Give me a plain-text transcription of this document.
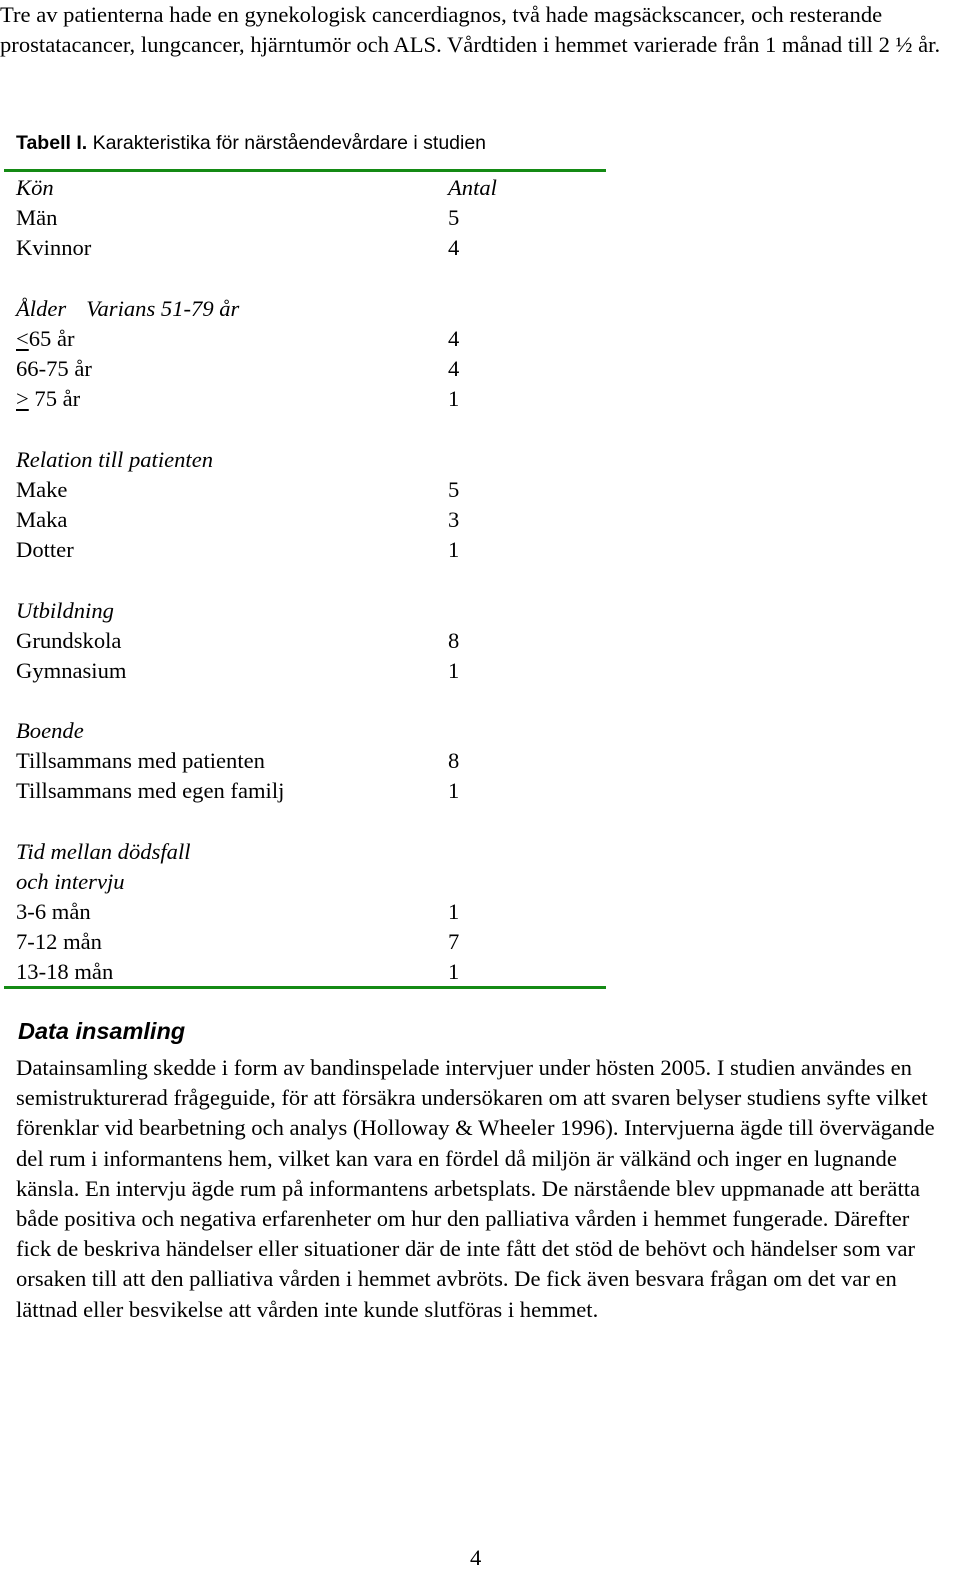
Tre av patienterna hade en gynekologisk cancerdiagnos, två hade magsäckscancer, och resterande prostatacancer, lungcancer, hjärntumör och ALS. Vårdtiden i hemmet varierade från 1 månad till 2 ½ år.
Tabell I. Karakteristika för närståendevårdare i studien
Kön	Antal
Män	5
Kvinnor	4
Ålder Varians 51-79 år
≤65 år	4
66-75 år	4
≥ 75 år	1
Relation till patienten
Make	5
Maka	3
Dotter	1
Utbildning
Grundskola	8
Gymnasium	1
Boende
Tillsammans med patienten	8
Tillsammans med egen familj	1
Tid mellan dödsfall
och intervju
3-6 mån	1
7-12 mån	7
13-18 mån	1
Data insamling
Datainsamling skedde i form av bandinspelade intervjuer under hösten 2005. I studien användes en semistrukturerad frågeguide, för att försäkra undersökaren om att svaren belyser studiens syfte vilket förenklar vid bearbetning och analys (Holloway & Wheeler 1996). Intervjuerna ägde till övervägande del rum i informantens hem, vilket kan vara en fördel då miljön är välkänd och inger en lugnande känsla. En intervju ägde rum på informantens arbetsplats. De närstående blev uppmanade att berätta både positiva och negativa erfarenheter om hur den palliativa vården i hemmet fungerade. Därefter fick de beskriva händelser eller situationer där de inte fått det stöd de behövt och händelser som var orsaken till att den palliativa vården i hemmet avbröts. De fick även besvara frågan om det var en lättnad eller besvikelse att vården inte kunde slutföras i hemmet.
4
